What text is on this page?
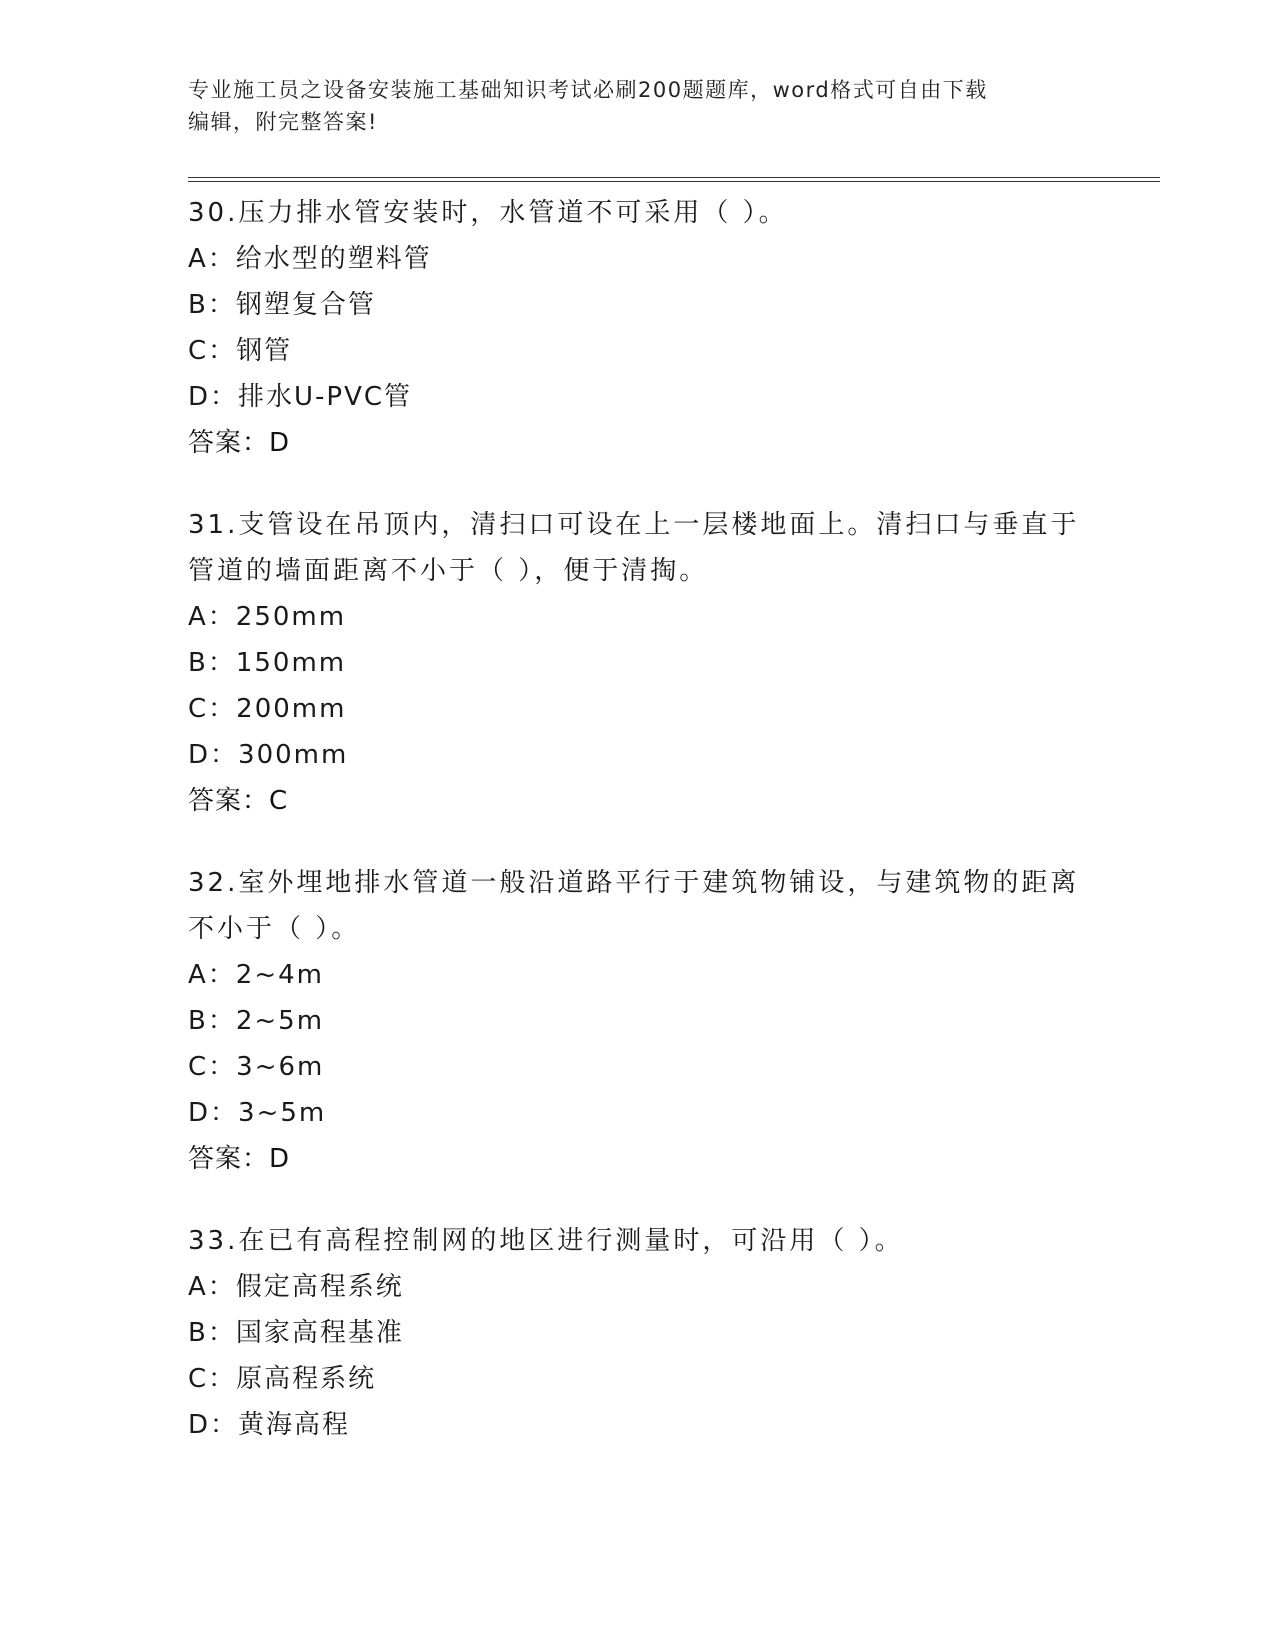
专业施工员之设备安装施工基础知识考试必刷200题题库，word格式可自由下载
编辑，附完整答案!

30.压力排水管安装时，水管道不可采用（ ）。

A：给水型的塑料管

B：钢塑复合管

C：钢管

D：排水U-PVC管

答案：D

31.支管设在吊顶内，清扫口可设在上一层楼地面上。清扫口与垂直于管道的墙面距离不小于（ ），便于清掏。

A：250mm

B：150mm

C：200mm

D：300mm

答案：C

32.室外埋地排水管道一般沿道路平行于建筑物铺设，与建筑物的距离不小于（ ）。

A：2~4m

B：2~5m

C：3~6m

D：3~5m

答案：D

33.在已有高程控制网的地区进行测量时，可沿用（ ）。

A：假定高程系统

B：国家高程基准

C：原高程系统

D：黄海高程
